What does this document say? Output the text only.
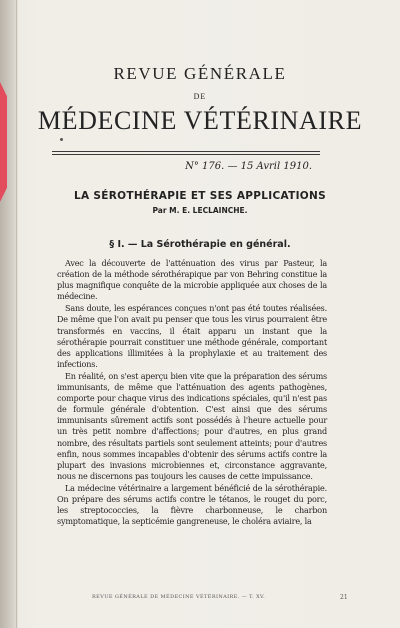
REVUE GÉNÉRALE
DE
MÉDECINE VÉTÉRINAIRE
N° 176. — 15 Avril 1910.
LA SÉROTHÉRAPIE ET SES APPLICATIONS
Par M. E. LECLAINCHE.
§ I. — La Sérothérapie en général.

Avec la découverte de l'atténuation des virus par Pasteur, la création de la méthode sérothérapique par von Behring constitue la plus magnifique conquête de la microbie appliquée aux choses de la médecine.

Sans doute, les espérances conçues n'ont pas été toutes réalisées. De même que l'on avait pu penser que tous les virus pourraient être transformés en vaccins, il était apparu un instant que la sérothérapie pourrait constituer une méthode générale, comportant des applications illimitées à la prophylaxie et au traitement des infections.

En réalité, on s'est aperçu bien vite que la préparation des sérums immunisants, de même que l'atténuation des agents pathogènes, comporte pour chaque virus des indications spéciales, qu'il n'est pas de formule générale d'obtention. C'est ainsi que des sérums immunisants sûrement actifs sont possédés à l'heure actuelle pour un très petit nombre d'affections; pour d'autres, en plus grand nombre, des résultats partiels sont seulement atteints; pour d'autres enfin, nous sommes incapables d'obtenir des sérums actifs contre la plupart des invasions microbiennes et, circonstance aggravante, nous ne discernons pas toujours les causes de cette impuissance.

La médecine vétérinaire a largement bénéficié de la sérothérapie. On prépare des sérums actifs contre le tétanos, le rouget du porc, les streptococcies, la fièvre charbonneuse, le charbon symptomatique, la septicémie gangreneuse, le choléra aviaire, la

REVUE GÉNÉRALE DE MÉDECINE VÉTÉRINAIRE. — T. XV.	21
